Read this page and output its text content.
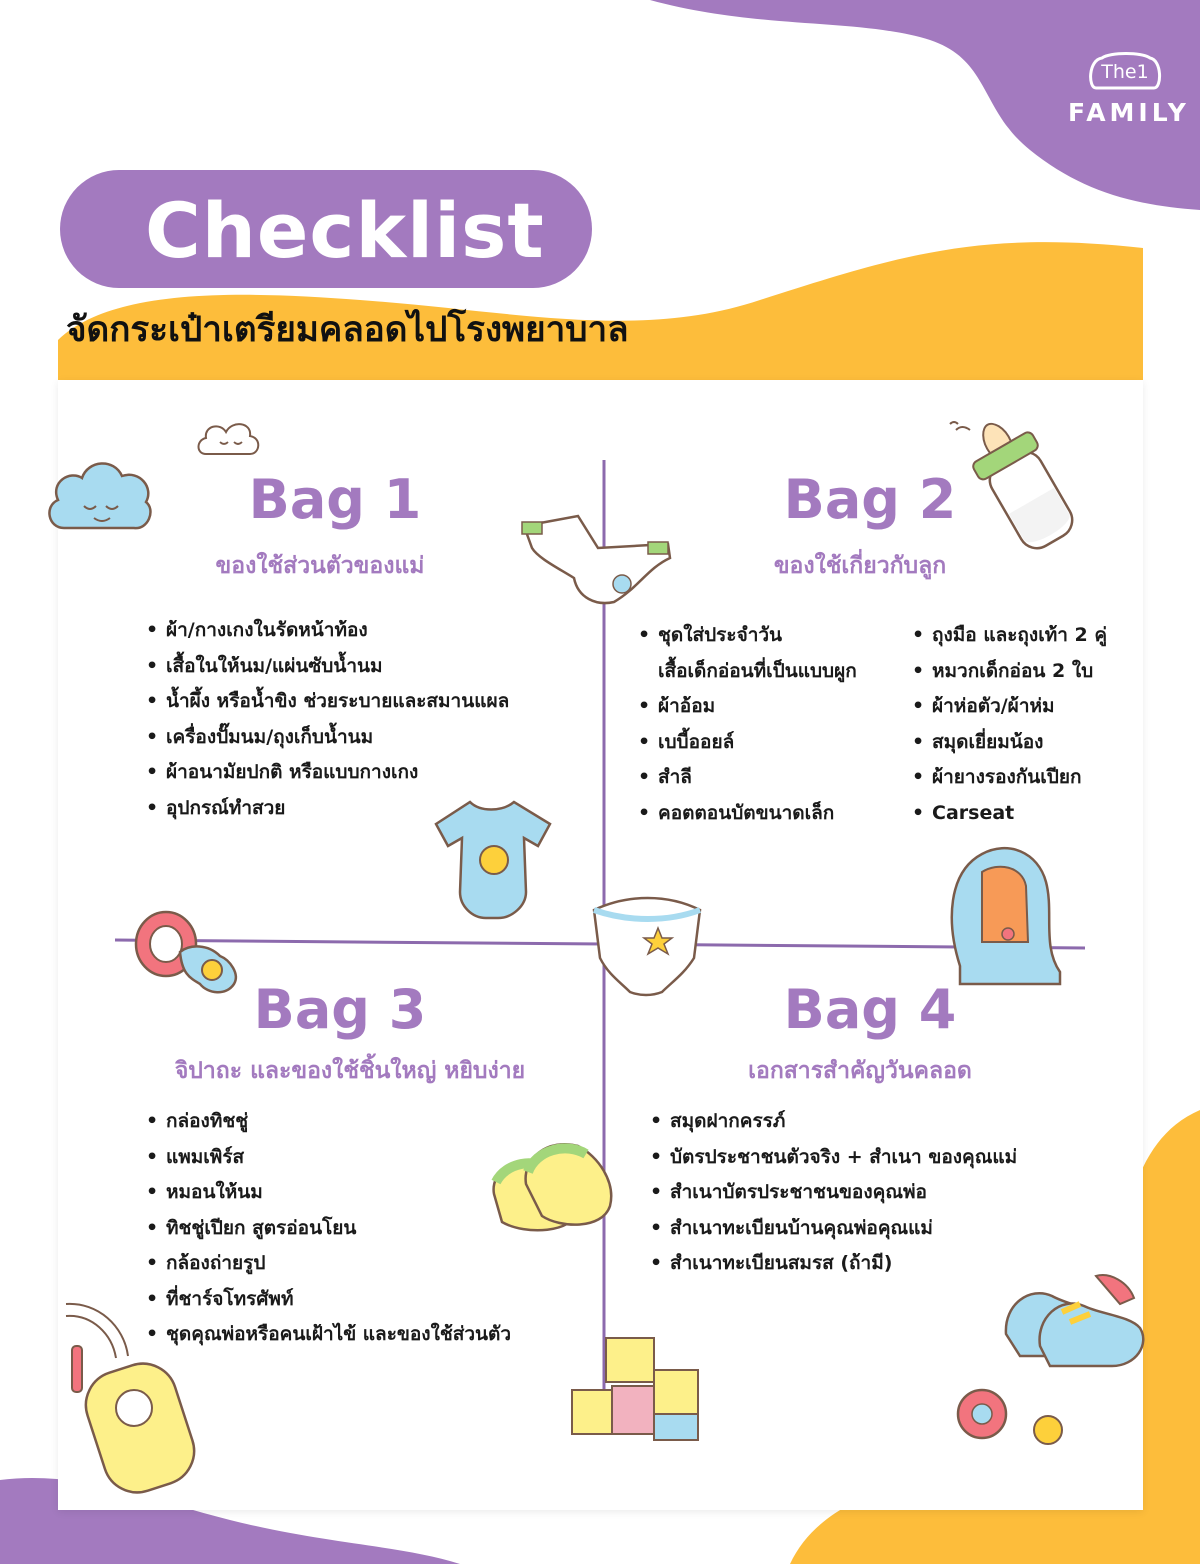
The1
FAMILY
Checklist
จัดกระเป๋าเตรียมคลอดไปโรงพยาบาล
Bag 1
ของใช้ส่วนตัวของแม่
• ผ้า/กางเกงในรัดหน้าท้อง
• เสื้อในให้นม/แผ่นซับน้ำนม
• น้ำผึ้ง หรือน้ำขิง ช่วยระบายและสมานแผล
• เครื่องปั๊มนม/ถุงเก็บน้ำนม
• ผ้าอนามัยปกติ หรือแบบกางเกง
• อุปกรณ์ทำสวย
Bag 2
ของใช้เกี่ยวกับลูก
• ชุดใส่ประจำวัน
เสื้อเด็กอ่อนที่เป็นแบบผูก
• ผ้าอ้อม
• เบบี้ออยล์
• สำลี
• คอตตอนบัตขนาดเล็ก
• ถุงมือ และถุงเท้า 2 คู่
• หมวกเด็กอ่อน 2 ใบ
• ผ้าห่อตัว/ผ้าห่ม
• สมุดเยี่ยมน้อง
• ผ้ายางรองกันเปียก
• Carseat
Bag 3
จิปาถะ และของใช้ชิ้นใหญ่ หยิบง่าย
• กล่องทิชชู่
• แพมเพิร์ส
• หมอนให้นม
• ทิชชู่เปียก สูตรอ่อนโยน
• กล้องถ่ายรูป
• ที่ชาร์จโทรศัพท์
• ชุดคุณพ่อหรือคนเฝ้าไข้ และของใช้ส่วนตัว
Bag 4
เอกสารสำคัญวันคลอด
• สมุดฝากครรภ์
• บัตรประชาชนตัวจริง + สำเนา ของคุณแม่
• สำเนาบัตรประชาชนของคุณพ่อ
• สำเนาทะเบียนบ้านคุณพ่อคุณแม่
• สำเนาทะเบียนสมรส (ถ้ามี)
